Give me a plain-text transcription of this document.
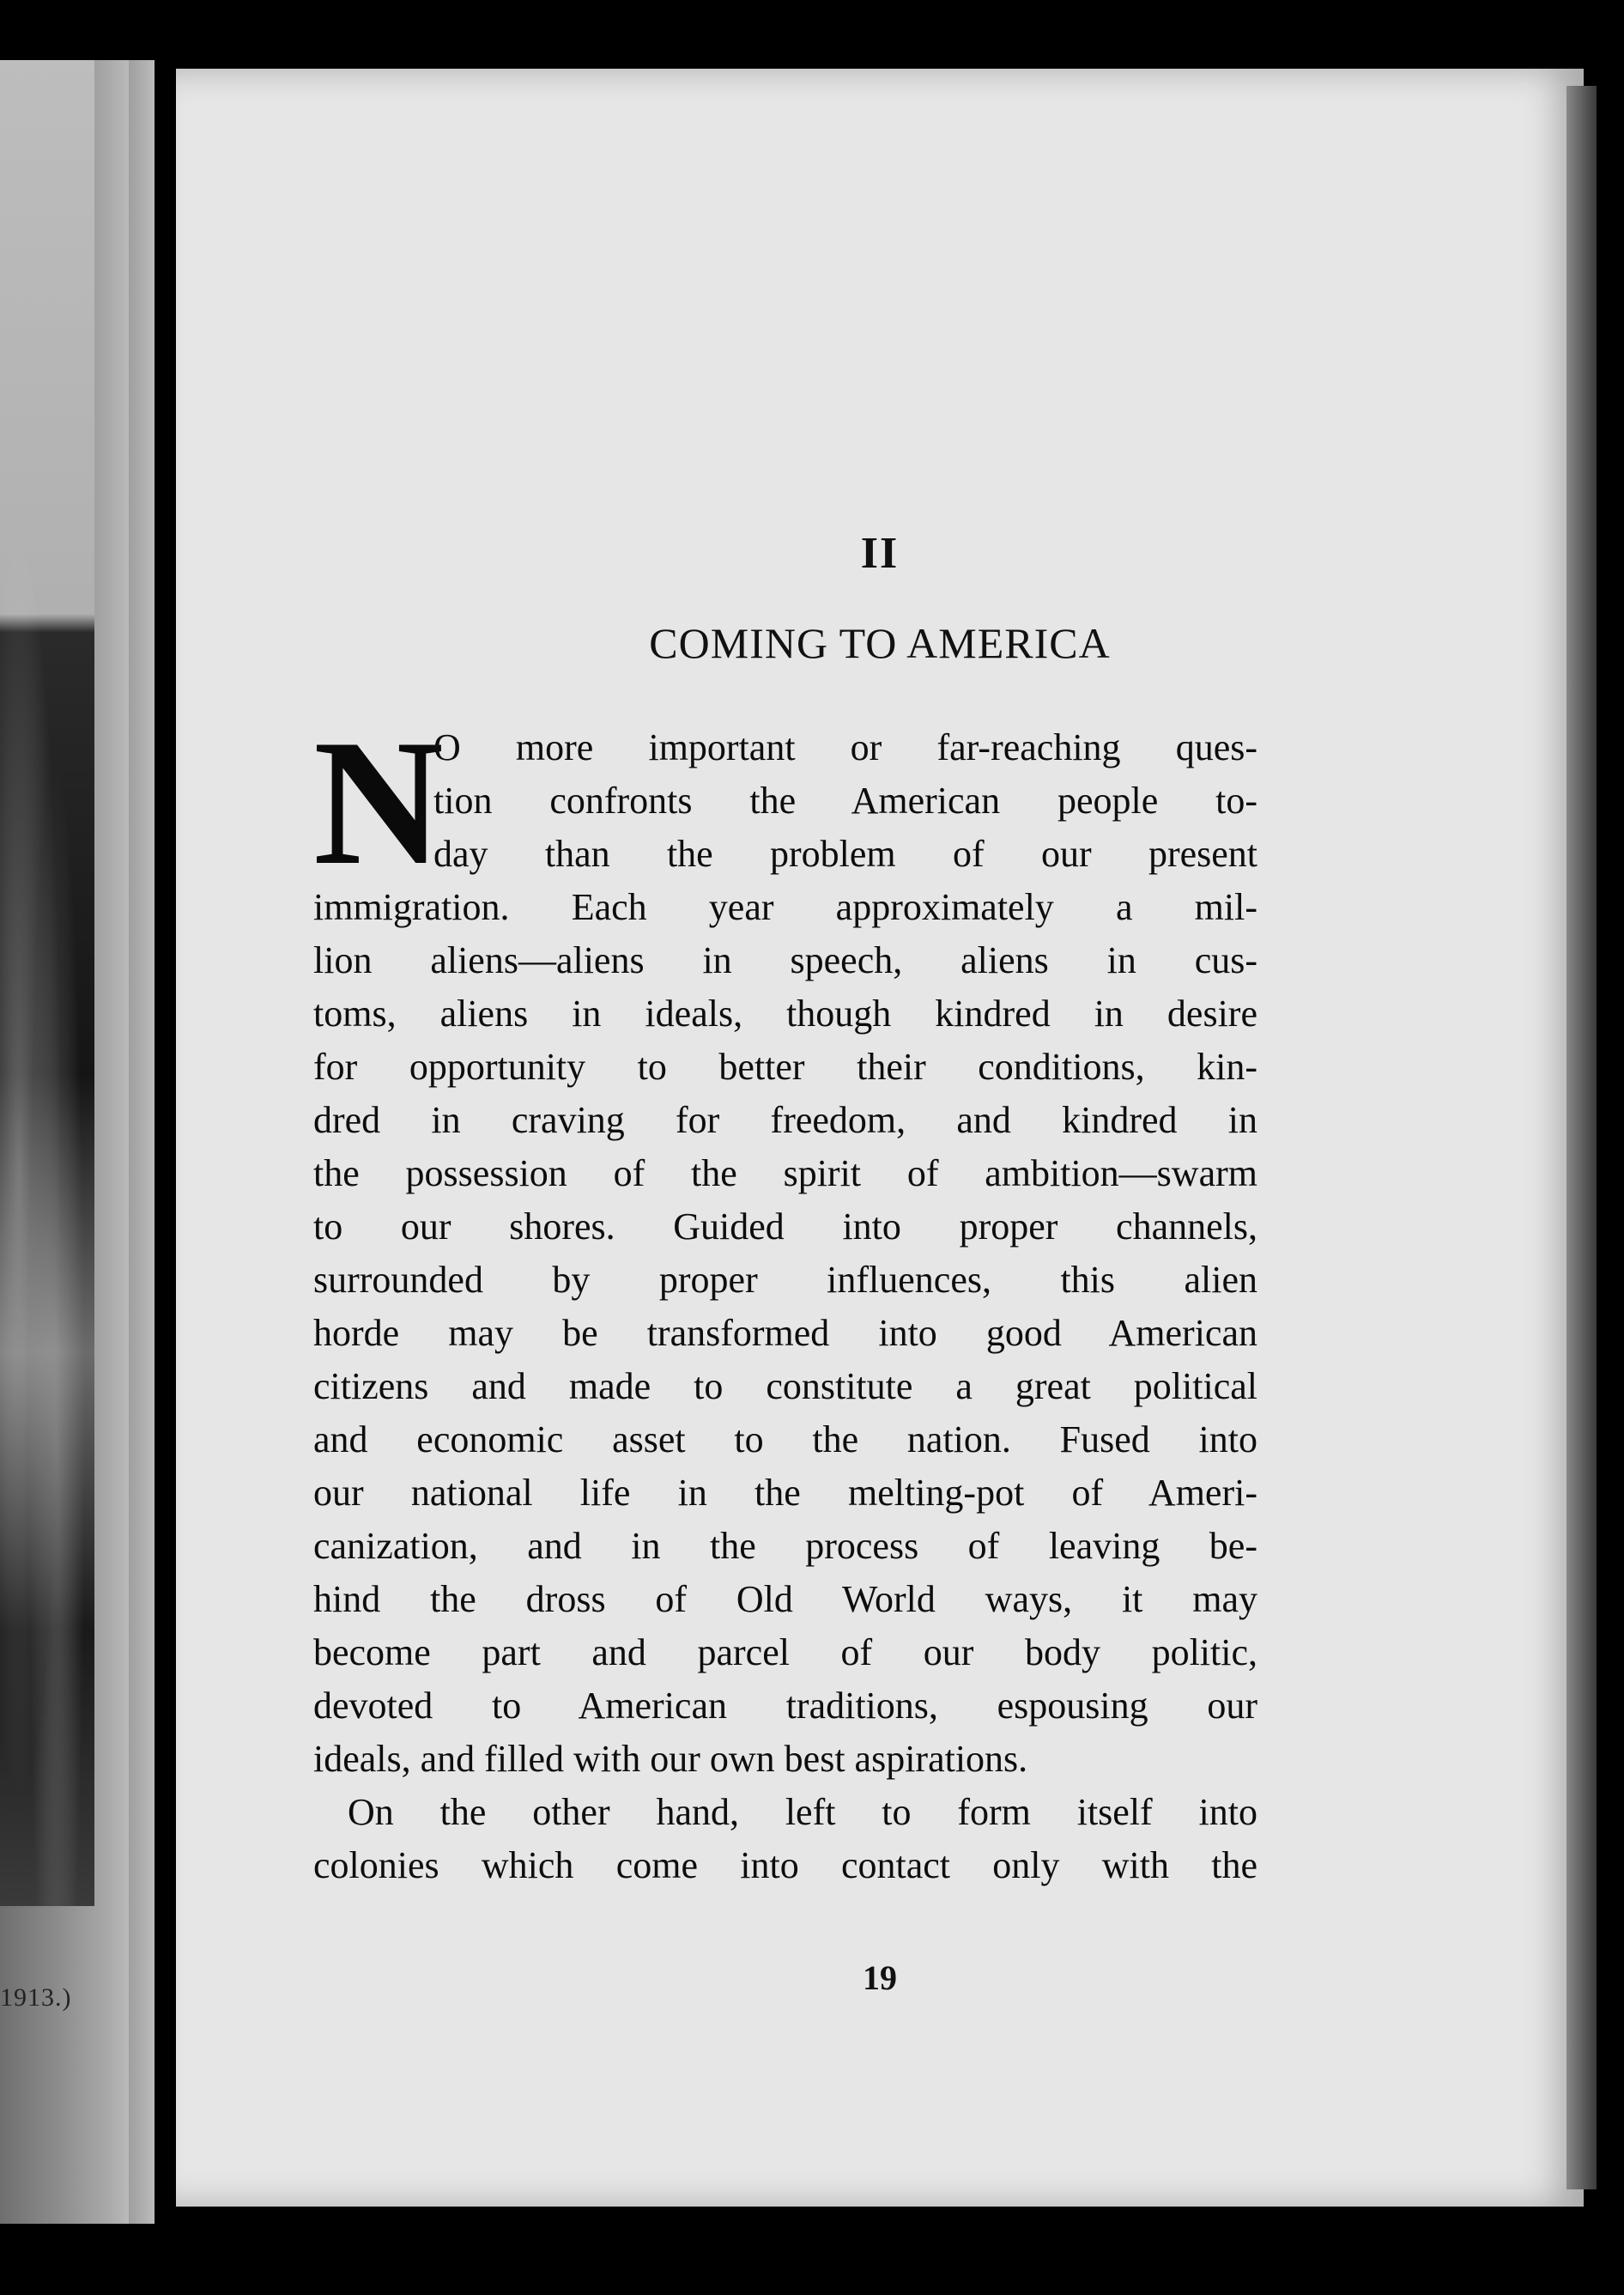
1913.)
II
COMING TO AMERICA
N
O more important or far-reaching ques-
tion confronts the American people to-
day than the problem of our present
immigration. Each year approximately a mil-
lion aliens—aliens in speech, aliens in cus-
toms, aliens in ideals, though kindred in desire
for opportunity to better their conditions, kin-
dred in craving for freedom, and kindred in
the possession of the spirit of ambition—swarm
to our shores. Guided into proper channels,
surrounded by proper influences, this alien
horde may be transformed into good American
citizens and made to constitute a great political
and economic asset to the nation. Fused into
our national life in the melting-pot of Ameri-
canization, and in the process of leaving be-
hind the dross of Old World ways, it may
become part and parcel of our body politic,
devoted to American traditions, espousing our
ideals, and filled with our own best aspirations.
On the other hand, left to form itself into
colonies which come into contact only with the
19
